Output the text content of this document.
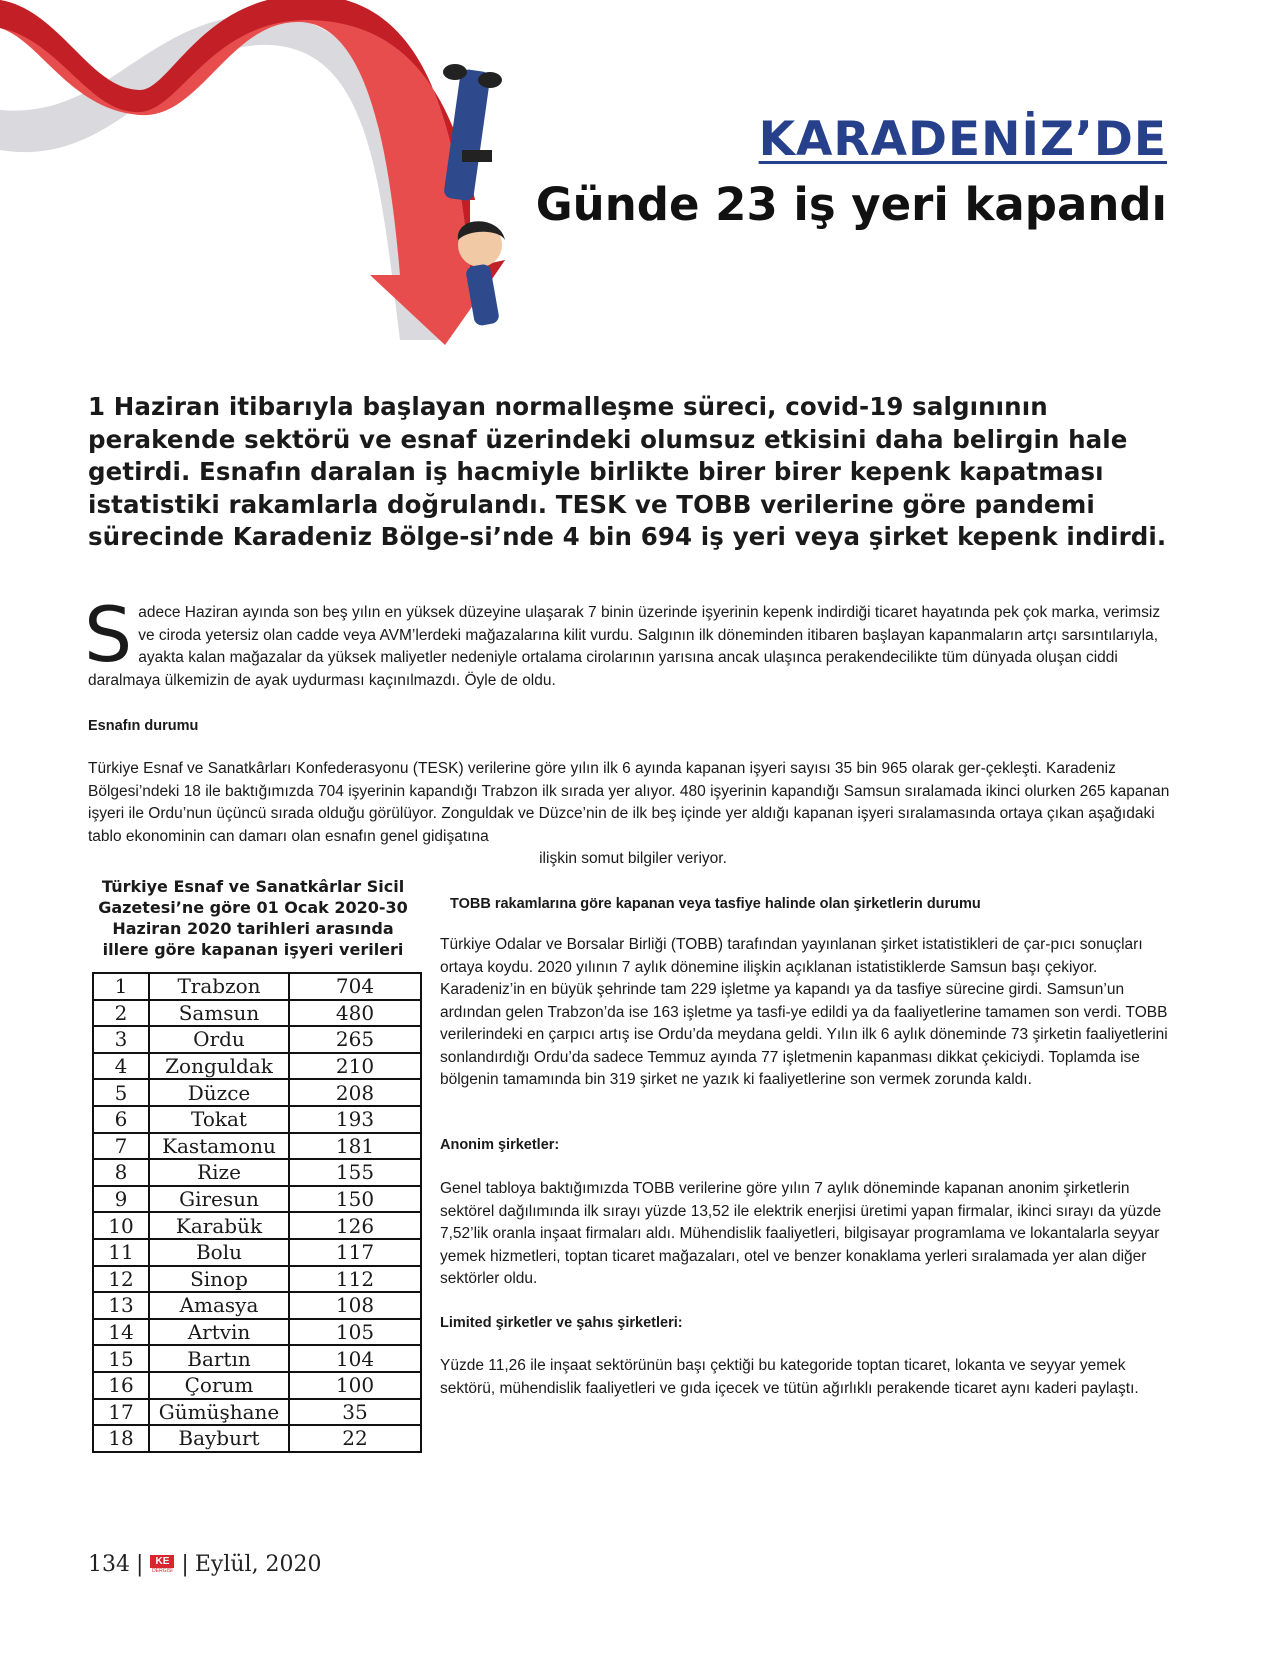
KARADENİZ’DE
Günde 23 iş yeri kapandı
1 Haziran itibarıyla başlayan normalleşme süreci, covid-19 salgınının perakende sektörü ve esnaf üzerindeki olumsuz etkisini daha belirgin hale getirdi. Esnafın daralan iş hacmiyle birlikte birer birer kepenk kapatması istatistiki rakamlarla doğrulandı. TESK ve TOBB verilerine göre pandemi sürecinde Karadeniz Bölge-si’nde 4 bin 694 iş yeri veya şirket kepenk indirdi.
S adece Haziran ayında son beş yılın en yüksek düzeyine ulaşarak 7 binin üzerinde işyerinin kepenk indirdiği ticaret hayatında pek çok marka, verimsiz ve ciroda yetersiz olan cadde veya AVM’lerdeki mağazalarına kilit vurdu. Salgının ilk döneminden itibaren başlayan kapanmaların artçı sarsıntılarıyla, ayakta kalan mağazalar da yüksek maliyetler nedeniyle ortalama cirolarının yarısına ancak ulaşınca perakendecilikte tüm dünyada oluşan ciddi daralmaya ülkemizin de ayak uydurması kaçınılmazdı. Öyle de oldu.
Esnafın durumu
Türkiye Esnaf ve Sanatkârları Konfederasyonu (TESK) verilerine göre yılın ilk 6 ayında kapanan işyeri sayısı 35 bin 965 olarak ger-çekleşti. Karadeniz Bölgesi’ndeki 18 ile baktığımızda 704 işyerinin kapandığı Trabzon ilk sırada yer alıyor. 480 işyerinin kapandığı Samsun sıralamada ikinci olurken 265 kapanan işyeri ile Ordu’nun üçüncü sırada olduğu görülüyor. Zonguldak ve Düzce’nin de ilk beş içinde yer aldığı kapanan işyeri sıralamasında ortaya çıkan aşağıdaki tablo ekonominin can damarı olan esnafın genel gidişatına
ilişkin somut bilgiler veriyor.
Türkiye Esnaf ve Sanatkârlar Sicil Gazetesi’ne göre 01 Ocak 2020-30 Haziran 2020 tarihleri arasında illere göre kapanan işyeri verileri
1	Trabzon	704
2	Samsun	480
3	Ordu	265
4	Zonguldak	210
5	Düzce	208
6	Tokat	193
7	Kastamonu	181
8	Rize	155
9	Giresun	150
10	Karabük	126
11	Bolu	117
12	Sinop	112
13	Amasya	108
14	Artvin	105
15	Bartın	104
16	Çorum	100
17	Gümüşhane	35
18	Bayburt	22
TOBB rakamlarına göre kapanan veya tasfiye halinde olan şirketlerin durumu
Türkiye Odalar ve Borsalar Birliği (TOBB) tarafından yayınlanan şirket istatistikleri de çar-pıcı sonuçları ortaya koydu. 2020 yılının 7 aylık dönemine ilişkin açıklanan istatistiklerde Samsun başı çekiyor. Karadeniz’in en büyük şehrinde tam 229 işletme ya kapandı ya da tasfiye sürecine girdi. Samsun’un ardından gelen Trabzon’da ise 163 işletme ya tasfi-ye edildi ya da faaliyetlerine tamamen son verdi. TOBB verilerindeki en çarpıcı artış ise Ordu’da meydana geldi. Yılın ilk 6 aylık döneminde 73 şirketin faaliyetlerini sonlandırdığı Ordu’da sadece Temmuz ayında 77 işletmenin kapanması dikkat çekiciydi. Toplamda ise bölgenin tamamında bin 319 şirket ne yazık ki faaliyetlerine son vermek zorunda kaldı.
Anonim şirketler:
Genel tabloya baktığımızda TOBB verilerine göre yılın 7 aylık döneminde kapanan anonim şirketlerin sektörel dağılımında ilk sırayı yüzde 13,52 ile elektrik enerjisi üretimi yapan firmalar, ikinci sırayı da yüzde 7,52’lik oranla inşaat firmaları aldı. Mühendislik faaliyetleri, bilgisayar programlama ve lokantalarla seyyar yemek hizmetleri, toptan ticaret mağazaları, otel ve benzer konaklama yerleri sıralamada yer alan diğer sektörler oldu.
Limited şirketler ve şahıs şirketleri:
Yüzde 11,26 ile inşaat sektörünün başı çektiği bu kategoride toptan ticaret, lokanta ve seyyar yemek sektörü, mühendislik faaliyetleri ve gıda içecek ve tütün ağırlıklı perakende ticaret aynı kaderi paylaştı.
134 |	KE
DERGİSİ | Eylül, 2020
